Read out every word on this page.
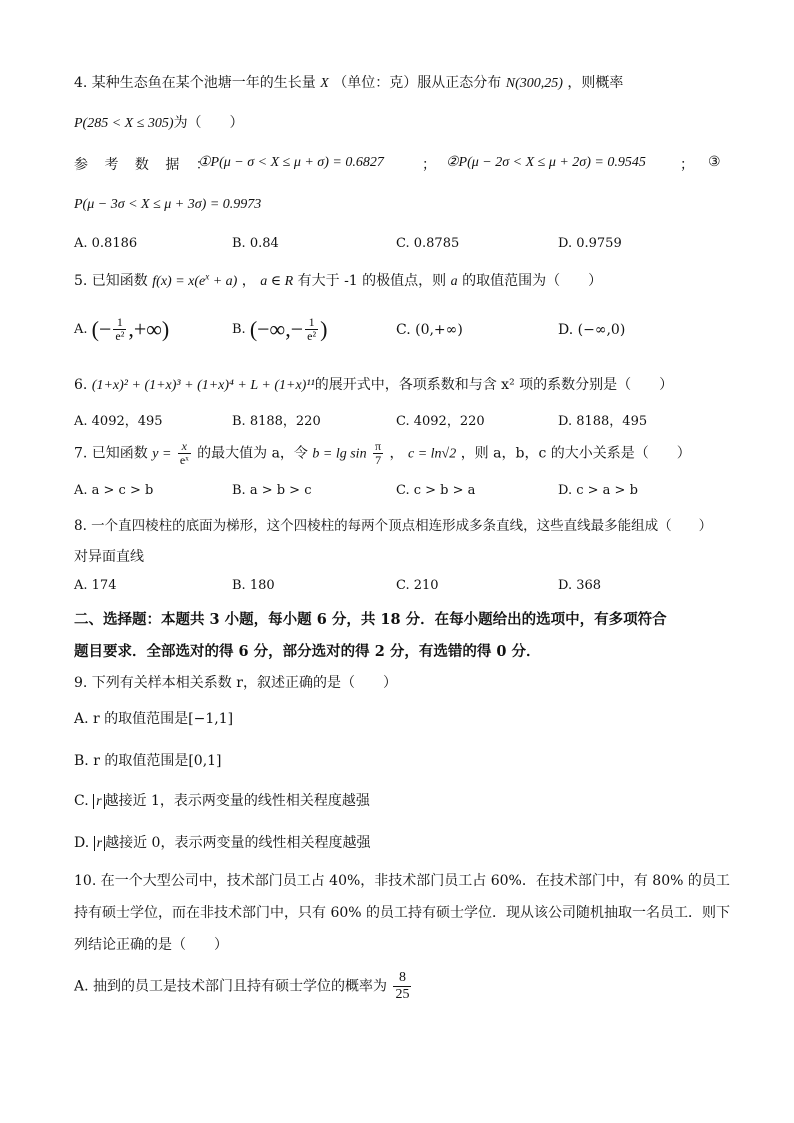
4. 某种生态鱼在某个池塘一年的生长量 X （单位：克）服从正态分布 N(300,25) ，则概率
P(285 < X ≤ 305)为（　　）
参 考 数 据 ：
①P(μ − σ < X ≤ μ + σ) = 0.6827	； ②P(μ − 2σ < X ≤ μ + 2σ) = 0.9545 ； ③
P(μ − 3σ < X ≤ μ + 3σ) = 0.9973
A. 0.8186	B. 0.84	C. 0.8785	D. 0.9759
5. 已知函数 $f(x) = x(e^x + a)$ ， a ∈ R 有大于 -1 的极值点，则 a 的取值范围为（　　）
A. (− $\frac{1}{\text{e²}}$ ,+∞)	B. (−∞,− $\frac{1}{\text{e²}}$ )	C. (0,+∞)	D. (−∞,0)
6. (1+x)² + (1+x)³ + (1+x)⁴ + L + (1+x)¹¹的展开式中，各项系数和与含 x² 项的系数分别是（　　）
A. 4092，495	B. 8188，220	C. 4092，220	D. 8188，495
7. 已知函数 $y = \frac{x}{\text{eˣ}}$ 的最大值为 a，令 $b = \lg \sin \frac{\pi}{7}$ ， c = ln√2 ，则 a，b，c 的大小关系是（　　）
A. a > c > b	B. a > b > c	C. c > b > a	D. c > a > b
8. 一个直四棱柱的底面为梯形，这个四棱柱的每两个顶点相连形成多条直线，这些直线最多能组成（　　）
对异面直线
A. 174	B. 180	C. 210	D. 368
二、选择题：本题共 3 小题，每小题 6 分，共 18 分．在每小题给出的选项中，有多项符合
题目要求．全部选对的得 6 分，部分选对的得 2 分，有选错的得 0 分．
9. 下列有关样本相关系数 r，叙述正确的是（　　）
A. r 的取值范围是[−1,1]
B. r 的取值范围是[0,1]
C. r 越接近 1，表示两变量的线性相关程度越强
D. r 越接近 0，表示两变量的线性相关程度越强
10. 在一个大型公司中，技术部门员工占 40%，非技术部门员工占 60%．在技术部门中，有 80% 的员工
持有硕士学位，而在非技术部门中，只有 60% 的员工持有硕士学位．现从该公司随机抽取一名员工．则下
列结论正确的是（　　）
A. 抽到的员工是技术部门且持有硕士学位的概率为 $\frac{8}{25}$
